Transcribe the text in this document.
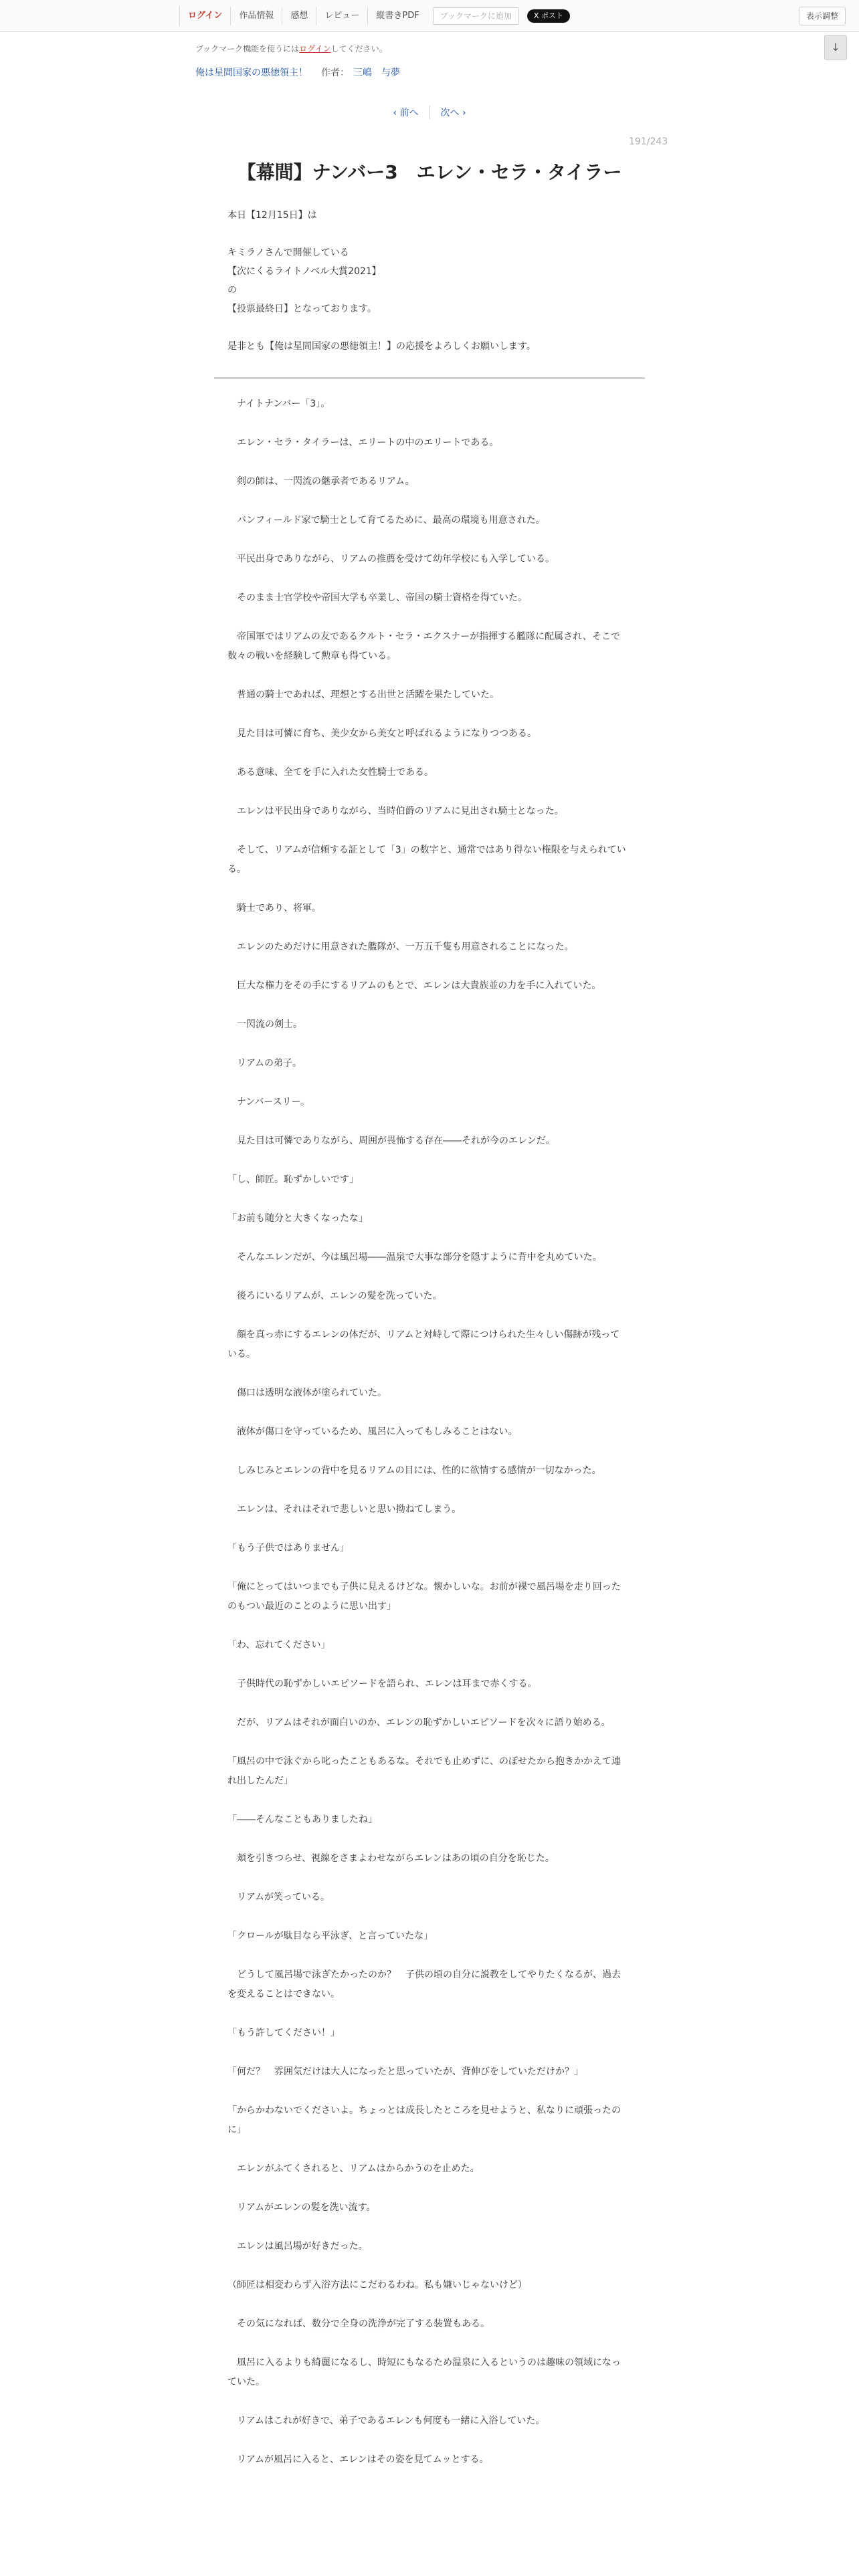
ログイン	作品情報	感想	レビュー	縦書きPDF	ブックマークに追加	X ポスト	表示調整
ブックマーク機能を使うにはログインしてください。	↓
俺は星間国家の悪徳領主！ 作者： 三嶋　与夢
‹ 前へ	次へ ›
191/243
【幕間】ナンバー3　エレン・セラ・タイラー

本日【12月15日】は

キミラノさんで開催している

【次にくるライトノベル大賞2021】

の

【投票最終日】となっております。

是非とも【俺は星間国家の悪徳領主！】の応援をよろしくお願いします。

　ナイトナンバー「3」。

　エレン・セラ・タイラーは、エリートの中のエリートである。

　剣の師は、一閃流の継承者であるリアム。

　バンフィールド家で騎士として育てるために、最高の環境も用意された。

　平民出身でありながら、リアムの推薦を受けて幼年学校にも入学している。

　そのまま士官学校や帝国大学も卒業し、帝国の騎士資格を得ていた。

　帝国軍ではリアムの友であるクルト・セラ・エクスナーが指揮する艦隊に配属され、そこで数々の戦いを経験して勲章も得ている。

　普通の騎士であれば、理想とする出世と活躍を果たしていた。

　見た目は可憐に育ち、美少女から美女と呼ばれるようになりつつある。

　ある意味、全てを手に入れた女性騎士である。

　エレンは平民出身でありながら、当時伯爵のリアムに見出され騎士となった。

　そして、リアムが信頼する証として「3」の数字と、通常ではあり得ない権限を与えられている。

　騎士であり、将軍。

　エレンのためだけに用意された艦隊が、一万五千隻も用意されることになった。

　巨大な権力をその手にするリアムのもとで、エレンは大貴族並の力を手に入れていた。

　一閃流の剣士。

　リアムの弟子。

　ナンバースリー。

　見た目は可憐でありながら、周囲が畏怖する存在――それが今のエレンだ。

「し、師匠。恥ずかしいです」

「お前も随分と大きくなったな」

　そんなエレンだが、今は風呂場――温泉で大事な部分を隠すように背中を丸めていた。

　後ろにいるリアムが、エレンの髪を洗っていた。

　顔を真っ赤にするエレンの体だが、リアムと対峙して際につけられた生々しい傷跡が残っている。

　傷口は透明な液体が塗られていた。

　液体が傷口を守っているため、風呂に入ってもしみることはない。

　しみじみとエレンの背中を見るリアムの目には、性的に欲情する感情が一切なかった。

　エレンは、それはそれで悲しいと思い拗ねてしまう。

「もう子供ではありません」

「俺にとってはいつまでも子供に見えるけどな。懐かしいな。お前が裸で風呂場を走り回ったのもつい最近のことのように思い出す」

「わ、忘れてください」

　子供時代の恥ずかしいエピソードを語られ、エレンは耳まで赤くする。

　だが、リアムはそれが面白いのか、エレンの恥ずかしいエピソードを次々に語り始める。

「風呂の中で泳ぐから叱ったこともあるな。それでも止めずに、のぼせたから抱きかかえて連れ出したんだ」

「――そんなこともありましたね」

　頬を引きつらせ、視線をさまよわせながらエレンはあの頃の自分を恥じた。

　リアムが笑っている。

「クロールが駄目なら平泳ぎ、と言っていたな」

　どうして風呂場で泳ぎたかったのか？　子供の頃の自分に説教をしてやりたくなるが、過去を変えることはできない。

「もう許してください！」

「何だ？　雰囲気だけは大人になったと思っていたが、背伸びをしていただけか？」

「からかわないでくださいよ。ちょっとは成長したところを見せようと、私なりに頑張ったのに」

　エレンがふてくされると、リアムはからかうのを止めた。

　リアムがエレンの髪を洗い流す。

　エレンは風呂場が好きだった。

（師匠は相変わらず入浴方法にこだわるわね。私も嫌いじゃないけど）

　その気になれば、数分で全身の洗浄が完了する装置もある。

　風呂に入るよりも綺麗になるし、時短にもなるため温泉に入るというのは趣味の領域になっていた。

　リアムはこれが好きで、弟子であるエレンも何度も一緒に入浴していた。

　リアムが風呂に入ると、エレンはその姿を見てムッとする。
